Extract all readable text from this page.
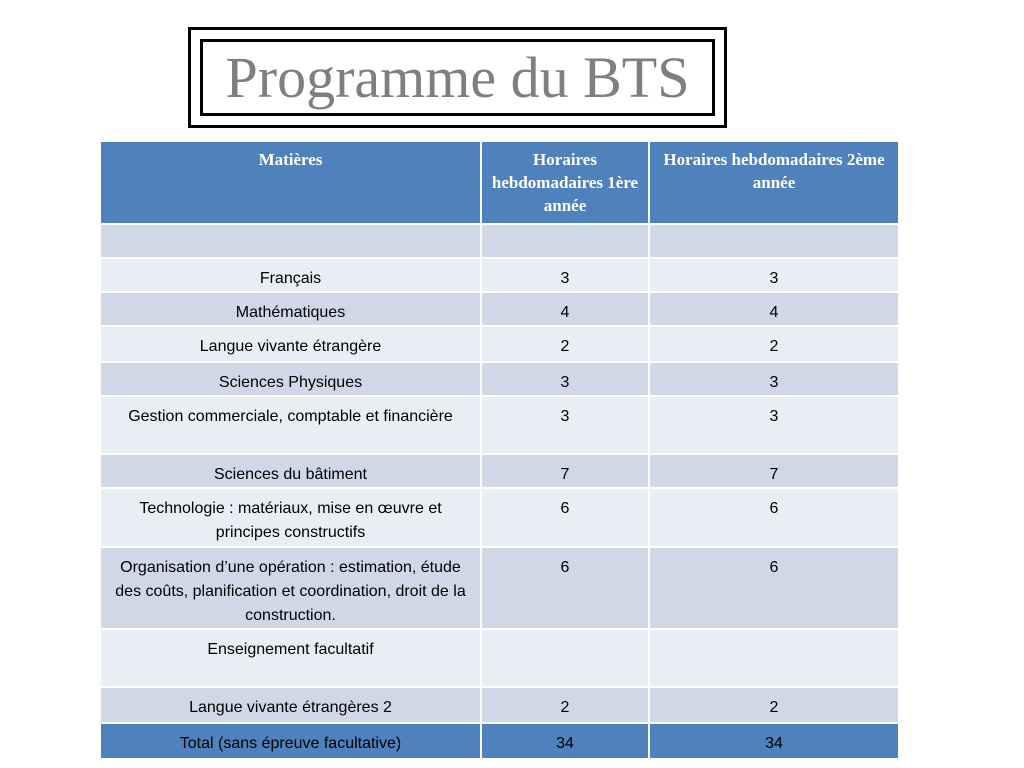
Programme du BTS
Matières	Horaires hebdomadaires 1ère année	Horaires hebdomadaires 2ème année

Français	3	3
Mathématiques	4	4
Langue vivante étrangère	2	2
Sciences Physiques	3	3
Gestion commerciale, comptable et financière	3	3
Sciences du bâtiment	7	7
Technologie : matériaux, mise en œuvre et principes constructifs	6	6
Organisation d’une opération : estimation, étude des coûts, planification et coordination, droit de la construction.	6	6
Enseignement facultatif		
Langue vivante étrangères 2	2	2
Total (sans épreuve facultative)	34	34
